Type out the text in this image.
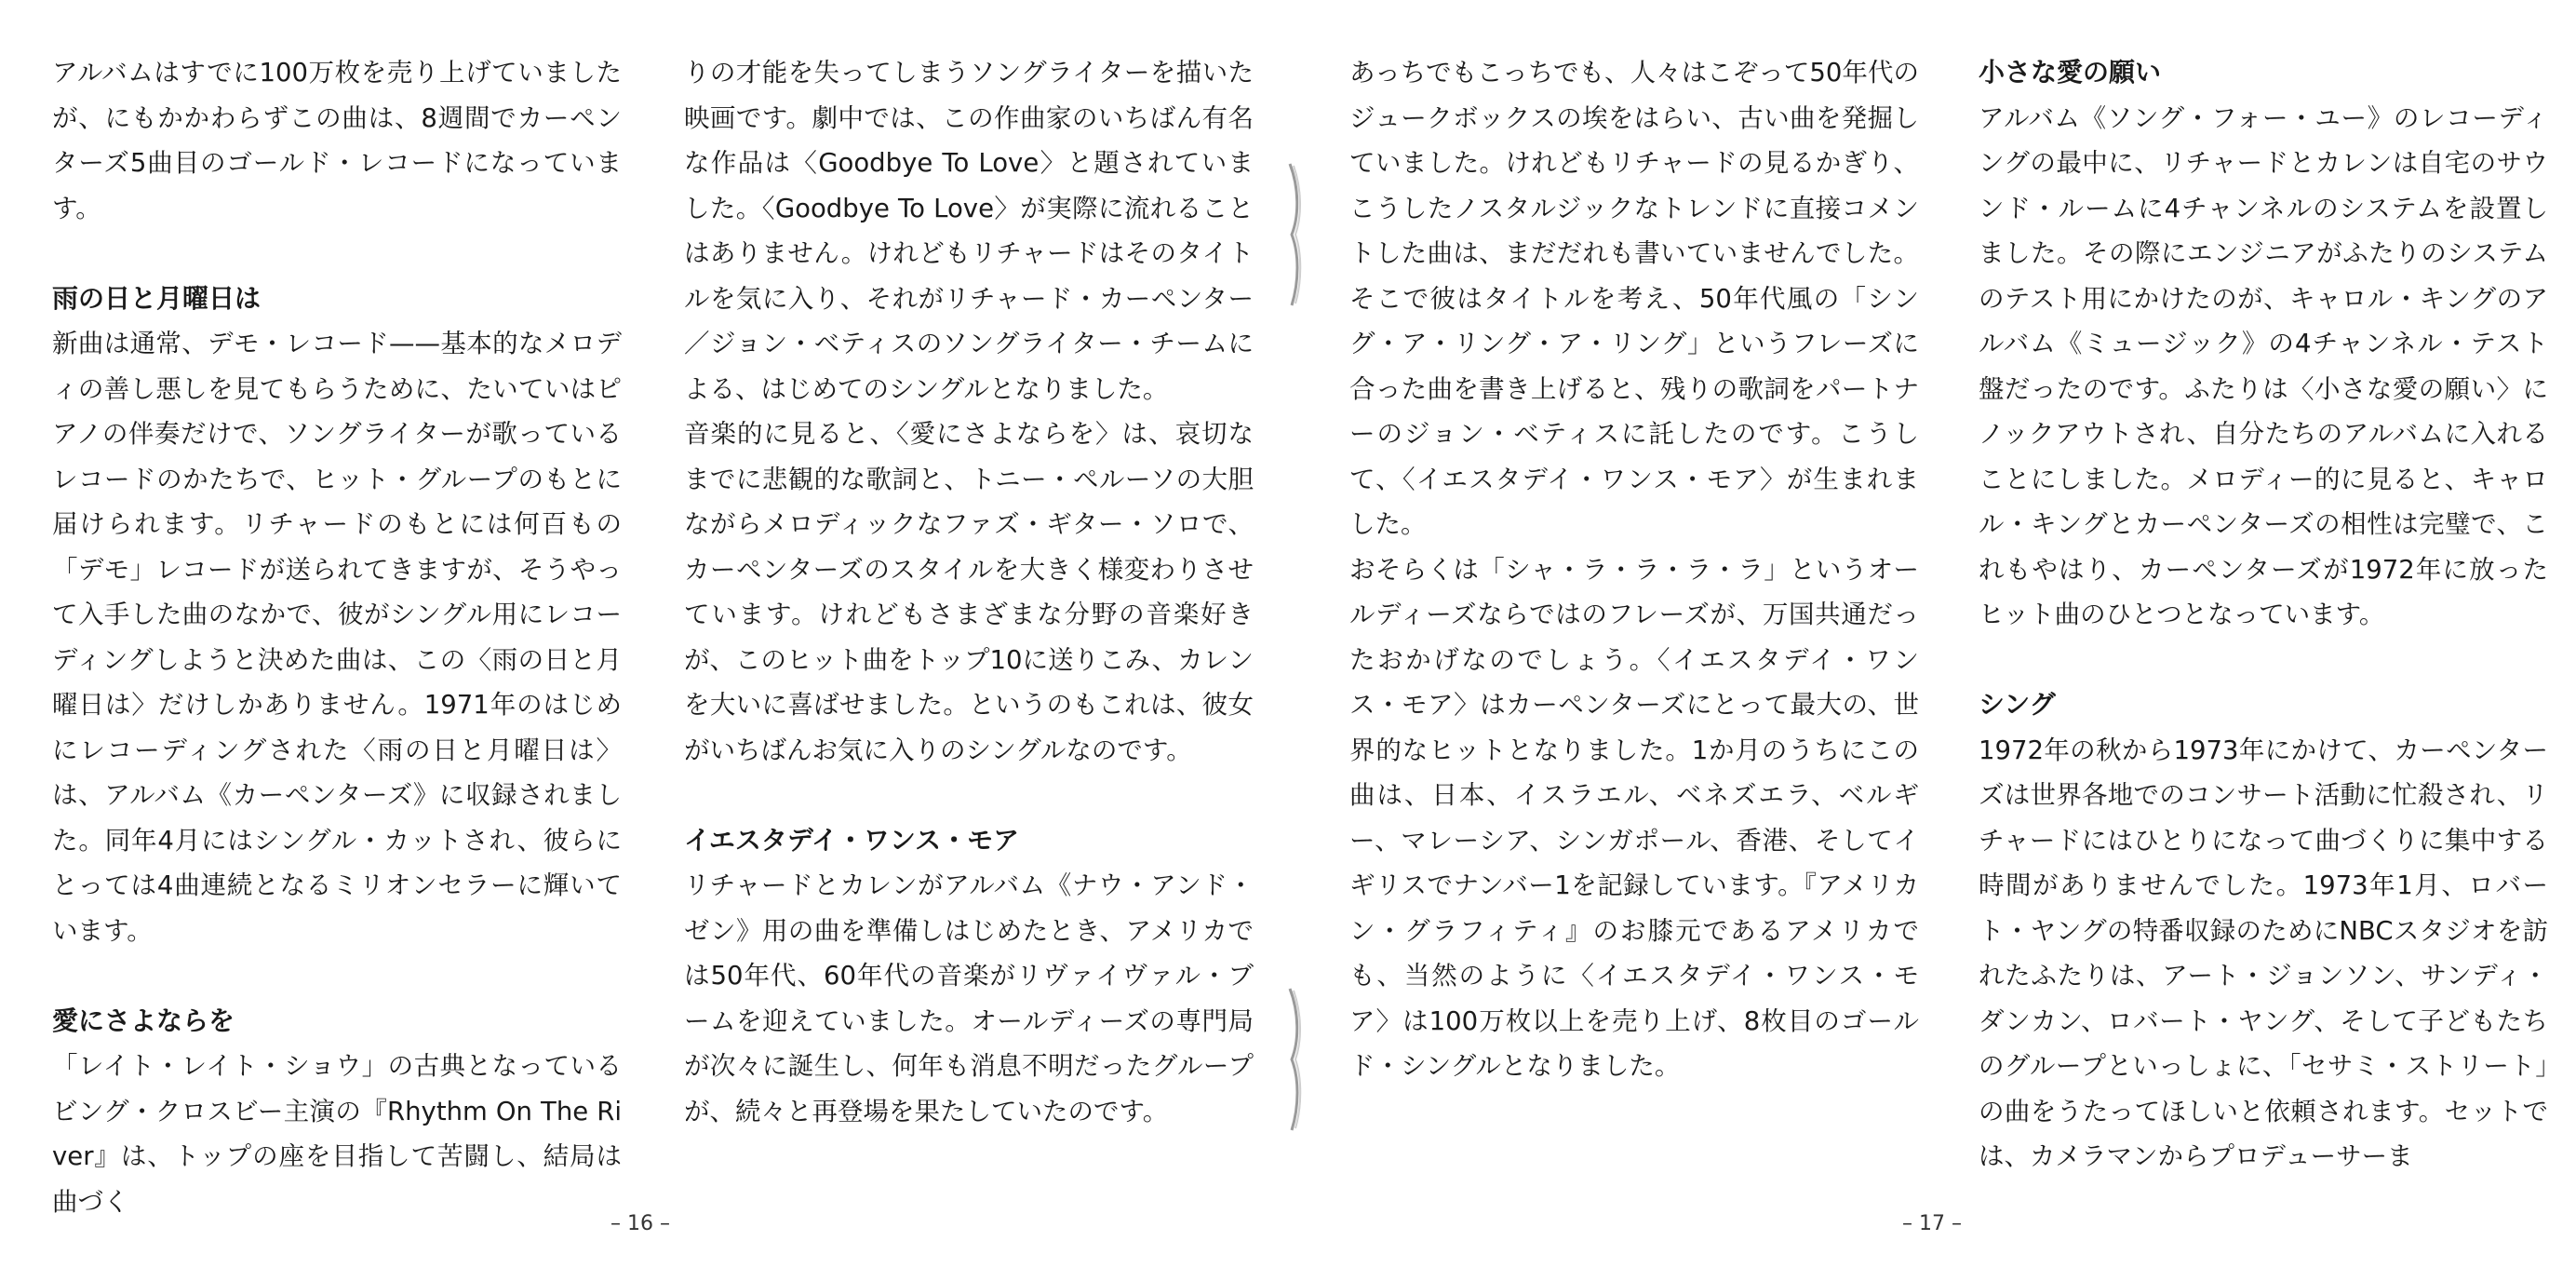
アルバムはすでに100万枚を売り上げていましたが、にもかかわらずこの曲は、8週間でカーペンターズ5曲目のゴールド・レコードになっています。

雨の日と月曜日は

新曲は通常、デモ・レコード——基本的なメロディの善し悪しを見てもらうために、たいていはピアノの伴奏だけで、ソングライターが歌っているレコードのかたちで、ヒット・グループのもとに届けられます。リチャードのもとには何百もの「デモ」レコードが送られてきますが、そうやって入手した曲のなかで、彼がシングル用にレコーディングしようと決めた曲は、この〈雨の日と月曜日は〉だけしかありません。1971年のはじめにレコーディングされた〈雨の日と月曜日は〉は、アルバム《カーペンターズ》に収録されました。同年4月にはシングル・カットされ、彼らにとっては4曲連続となるミリオンセラーに輝いています。

愛にさよならを

「レイト・レイト・ショウ」の古典となっているビング・クロスビー主演の『Rhythm On The River』は、トップの座を目指して苦闘し、結局は曲づく

りの才能を失ってしまうソングライターを描いた映画です。劇中では、この作曲家のいちばん有名な作品は〈Goodbye To Love〉と題されていました。〈Goodbye To Love〉が実際に流れることはありません。けれどもリチャードはそのタイトルを気に入り、それがリチャード・カーペンター／ジョン・ベティスのソングライター・チームによる、はじめてのシングルとなりました。

音楽的に見ると、〈愛にさよならを〉は、哀切なまでに悲観的な歌詞と、トニー・ペルーソの大胆ながらメロディックなファズ・ギター・ソロで、カーペンターズのスタイルを大きく様変わりさせています。けれどもさまざまな分野の音楽好きが、このヒット曲をトップ10に送りこみ、カレンを大いに喜ばせました。というのもこれは、彼女がいちばんお気に入りのシングルなのです。

イエスタデイ・ワンス・モア

リチャードとカレンがアルバム《ナウ・アンド・ゼン》用の曲を準備しはじめたとき、アメリカでは50年代、60年代の音楽がリヴァイヴァル・ブームを迎えていました。オールディーズの専門局が次々に誕生し、何年も消息不明だったグループが、続々と再登場を果たしていたのです。

– 16 –

あっちでもこっちでも、人々はこぞって50年代のジュークボックスの埃をはらい、古い曲を発掘していました。けれどもリチャードの見るかぎり、こうしたノスタルジックなトレンドに直接コメントした曲は、まだだれも書いていませんでした。そこで彼はタイトルを考え、50年代風の「シング・ア・リング・ア・リング」というフレーズに合った曲を書き上げると、残りの歌詞をパートナーのジョン・ベティスに託したのです。こうして、〈イエスタデイ・ワンス・モア〉が生まれました。

おそらくは「シャ・ラ・ラ・ラ・ラ」というオールディーズならではのフレーズが、万国共通だったおかげなのでしょう。〈イエスタデイ・ワンス・モア〉はカーペンターズにとって最大の、世界的なヒットとなりました。1か月のうちにこの曲は、日本、イスラエル、ベネズエラ、ベルギー、マレーシア、シンガポール、香港、そしてイギリスでナンバー1を記録しています。『アメリカン・グラフィティ』のお膝元であるアメリカでも、当然のように〈イエスタデイ・ワンス・モア〉は100万枚以上を売り上げ、8枚目のゴールド・シングルとなりました。

小さな愛の願い

アルバム《ソング・フォー・ユー》のレコーディングの最中に、リチャードとカレンは自宅のサウンド・ルームに4チャンネルのシステムを設置しました。その際にエンジニアがふたりのシステムのテスト用にかけたのが、キャロル・キングのアルバム《ミュージック》の4チャンネル・テスト盤だったのです。ふたりは〈小さな愛の願い〉にノックアウトされ、自分たちのアルバムに入れることにしました。メロディー的に見ると、キャロル・キングとカーペンターズの相性は完璧で、これもやはり、カーペンターズが1972年に放ったヒット曲のひとつとなっています。

シング

1972年の秋から1973年にかけて、カーペンターズは世界各地でのコンサート活動に忙殺され、リチャードにはひとりになって曲づくりに集中する時間がありませんでした。1973年1月、ロバート・ヤングの特番収録のためにNBCスタジオを訪れたふたりは、アート・ジョンソン、サンディ・ダンカン、ロバート・ヤング、そして子どもたちのグループといっしょに、「セサミ・ストリート」の曲をうたってほしいと依頼されます。セットでは、カメラマンからプロデューサーま

– 17 –
